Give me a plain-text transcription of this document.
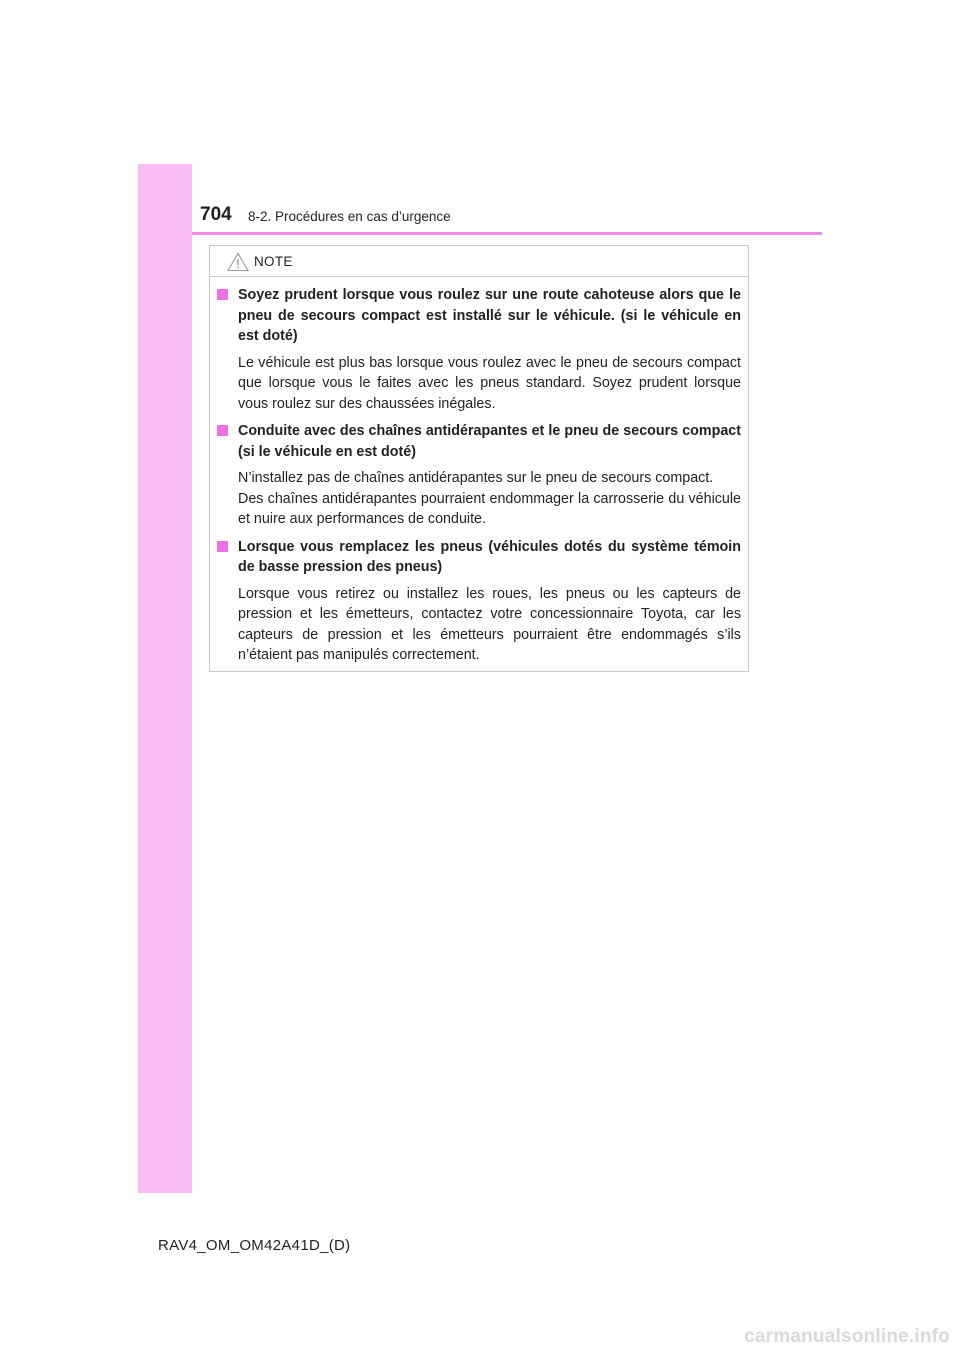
704 8-2. Procédures en cas d’urgence
NOTE
Soyez prudent lorsque vous roulez sur une route cahoteuse alors que le pneu de secours compact est installé sur le véhicule. (si le véhicule en est doté)

Le véhicule est plus bas lorsque vous roulez avec le pneu de secours compact que lorsque vous le faites avec les pneus standard. Soyez prudent lorsque vous roulez sur des chaussées inégales.

Conduite avec des chaînes antidérapantes et le pneu de secours compact (si le véhicule en est doté)

N’installez pas de chaînes antidérapantes sur le pneu de secours compact.

Des chaînes antidérapantes pourraient endommager la carrosserie du véhicule et nuire aux performances de conduite.

Lorsque vous remplacez les pneus (véhicules dotés du système témoin de basse pression des pneus)

Lorsque vous retirez ou installez les roues, les pneus ou les capteurs de pression et les émetteurs, contactez votre concessionnaire Toyota, car les capteurs de pression et les émetteurs pourraient être endommagés s’ils n’étaient pas manipulés correctement.

RAV4_OM_OM42A41D_(D)
carmanualsonline.info
